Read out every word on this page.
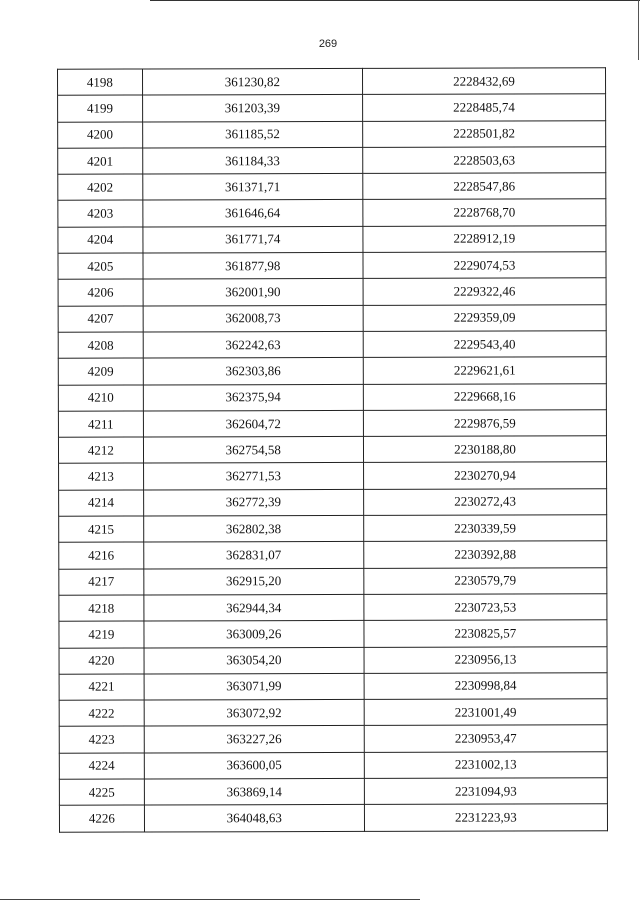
269
4198	361230,82	2228432,69
4199	361203,39	2228485,74
4200	361185,52	2228501,82
4201	361184,33	2228503,63
4202	361371,71	2228547,86
4203	361646,64	2228768,70
4204	361771,74	2228912,19
4205	361877,98	2229074,53
4206	362001,90	2229322,46
4207	362008,73	2229359,09
4208	362242,63	2229543,40
4209	362303,86	2229621,61
4210	362375,94	2229668,16
4211	362604,72	2229876,59
4212	362754,58	2230188,80
4213	362771,53	2230270,94
4214	362772,39	2230272,43
4215	362802,38	2230339,59
4216	362831,07	2230392,88
4217	362915,20	2230579,79
4218	362944,34	2230723,53
4219	363009,26	2230825,57
4220	363054,20	2230956,13
4221	363071,99	2230998,84
4222	363072,92	2231001,49
4223	363227,26	2230953,47
4224	363600,05	2231002,13
4225	363869,14	2231094,93
4226	364048,63	2231223,93
